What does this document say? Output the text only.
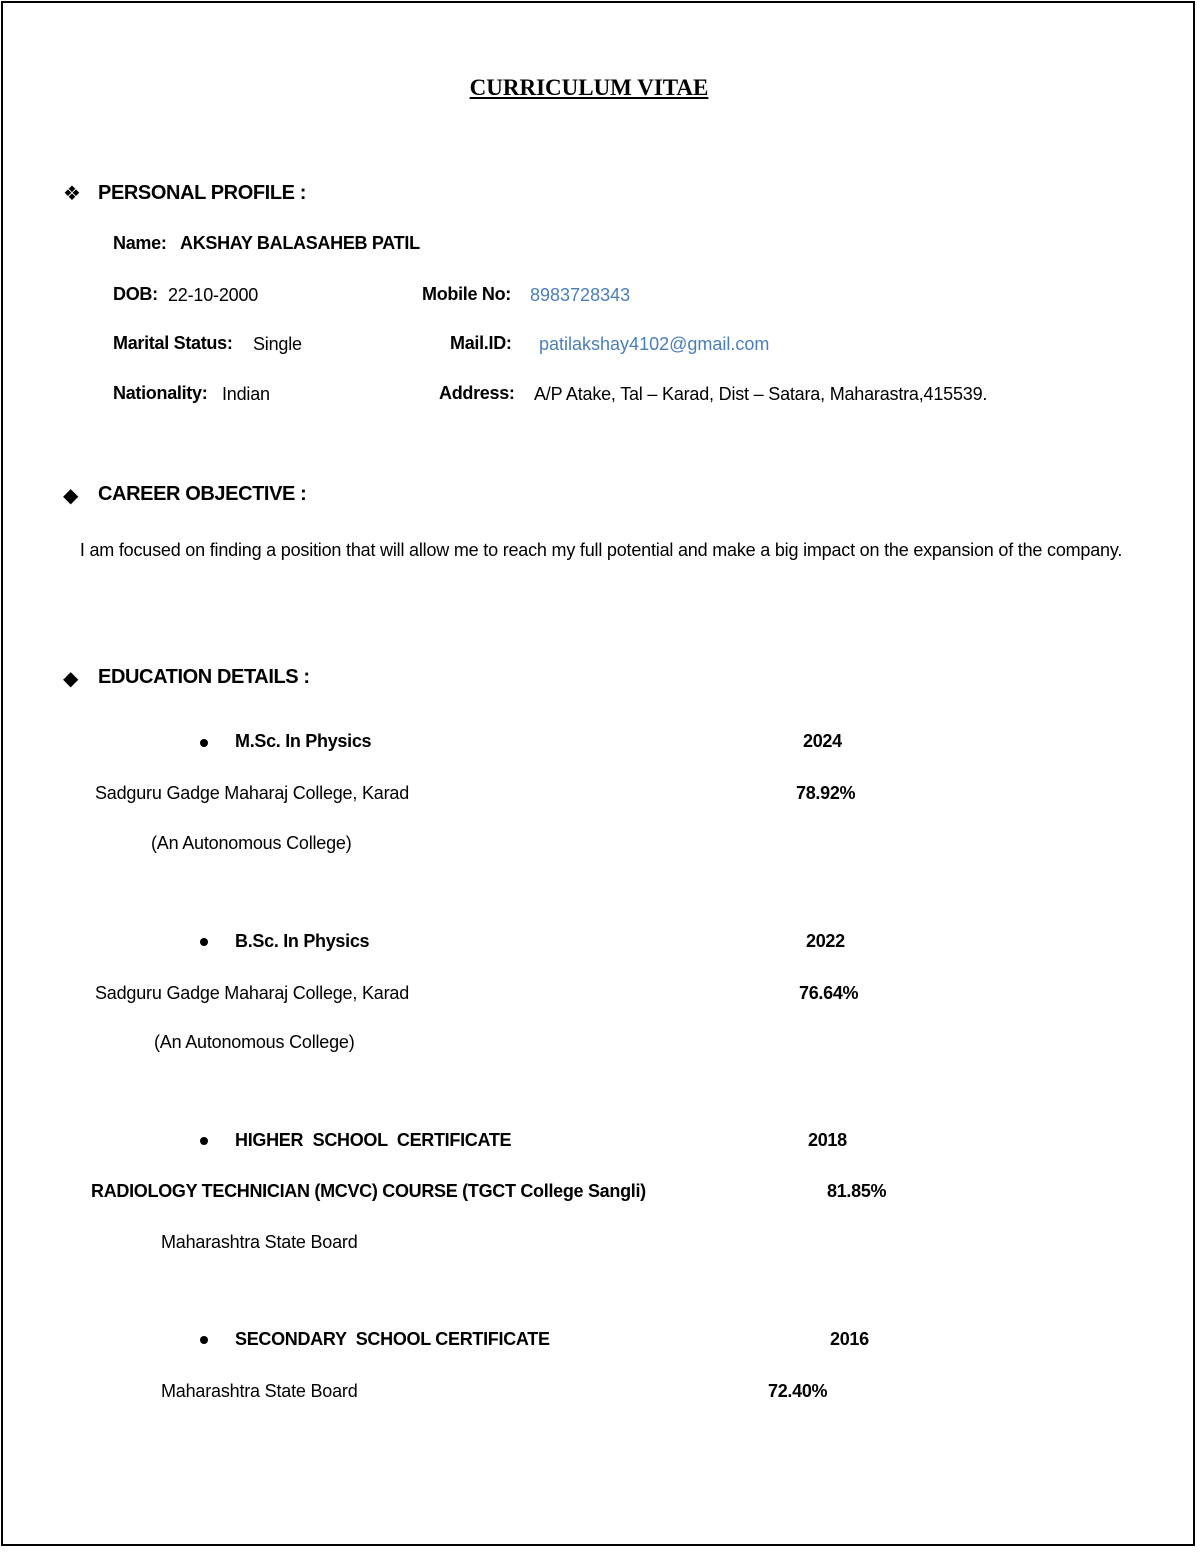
CURRICULUM VITAE
❖ PERSONAL PROFILE :
Name: AKSHAY BALASAHEB PATIL
DOB: 22-10-2000	Mobile No: 8983728343
Marital Status: Single	Mail.ID: patilakshay4102@gmail.com
Nationality: Indian	Address: A/P Atake, Tal – Karad, Dist – Satara, Maharastra,415539.
◆ CAREER OBJECTIVE :
I am focused on finding a position that will allow me to reach my full potential and make a big impact on the expansion of the company.
◆ EDUCATION DETAILS :
M.Sc. In Physics	2024
Sadguru Gadge Maharaj College, Karad	78.92%
(An Autonomous College)
B.Sc. In Physics	2022
Sadguru Gadge Maharaj College, Karad	76.64%
(An Autonomous College)
HIGHER  SCHOOL  CERTIFICATE	2018
RADIOLOGY TECHNICIAN (MCVC) COURSE (TGCT College Sangli)	81.85%
Maharashtra State Board
SECONDARY  SCHOOL CERTIFICATE	2016
Maharashtra State Board	72.40%
